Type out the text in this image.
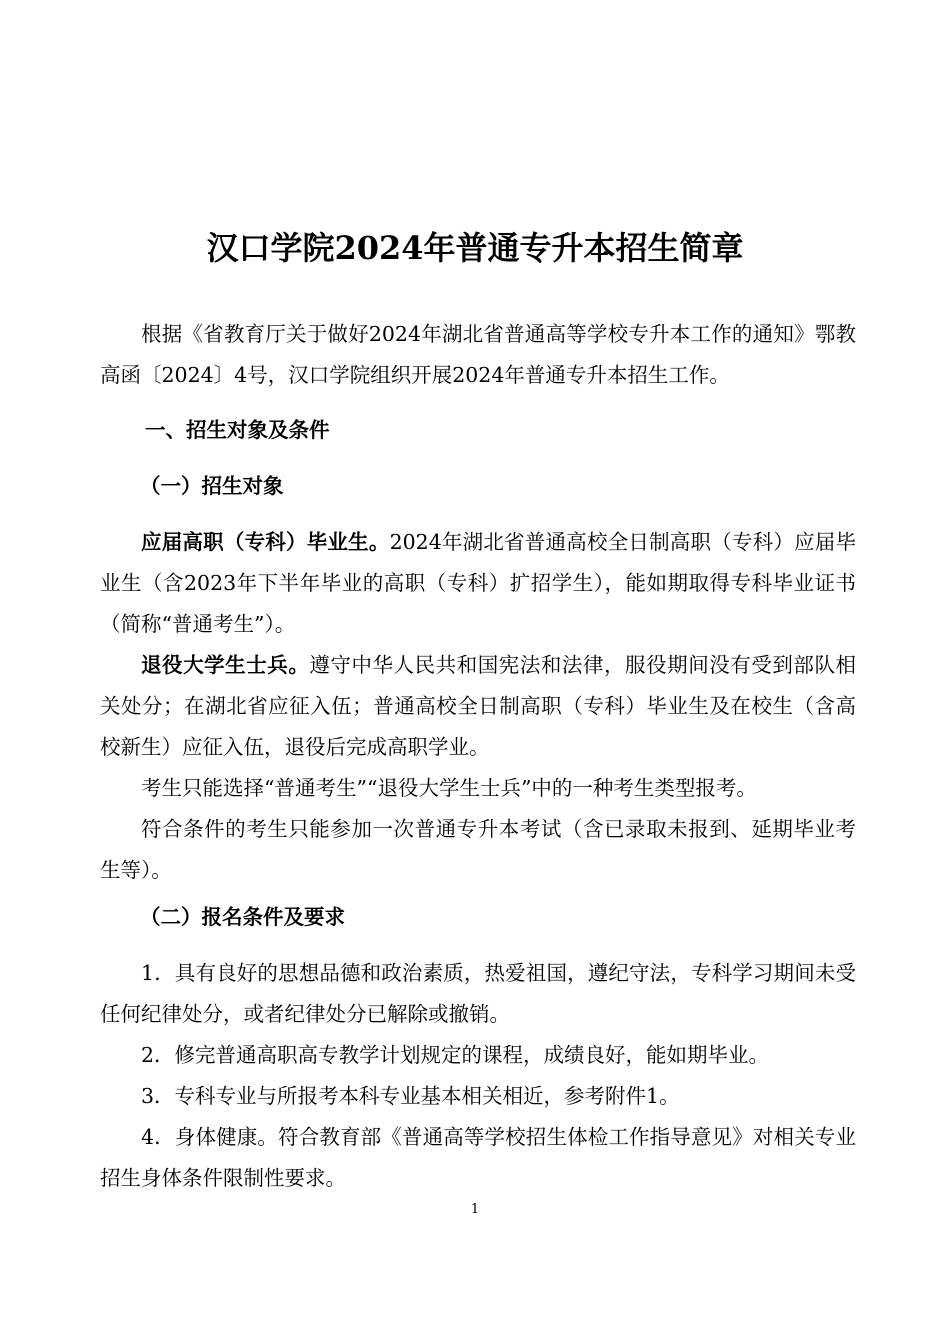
汉口学院2024年普通专升本招生简章

根据《省教育厅关于做好2024年湖北省普通高等学校专升本工作的通知》鄂教高函〔2024〕4号，汉口学院组织开展2024年普通专升本招生工作。

一、招生对象及条件

（一）招生对象

应届高职（专科）毕业生。2024年湖北省普通高校全日制高职（专科）应届毕业生（含2023年下半年毕业的高职（专科）扩招学生），能如期取得专科毕业证书（简称“普通考生”）。

退役大学生士兵。遵守中华人民共和国宪法和法律，服役期间没有受到部队相关处分；在湖北省应征入伍；普通高校全日制高职（专科）毕业生及在校生（含高校新生）应征入伍，退役后完成高职学业。

考生只能选择“普通考生”“退役大学生士兵”中的一种考生类型报考。

符合条件的考生只能参加一次普通专升本考试（含已录取未报到、延期毕业考生等）。

（二）报名条件及要求

1．具有良好的思想品德和政治素质，热爱祖国，遵纪守法，专科学习期间未受任何纪律处分，或者纪律处分已解除或撤销。

2．修完普通高职高专教学计划规定的课程，成绩良好，能如期毕业。

3．专科专业与所报考本科专业基本相关相近，参考附件1。

4．身体健康。符合教育部《普通高等学校招生体检工作指导意见》对相关专业招生身体条件限制性要求。

1
